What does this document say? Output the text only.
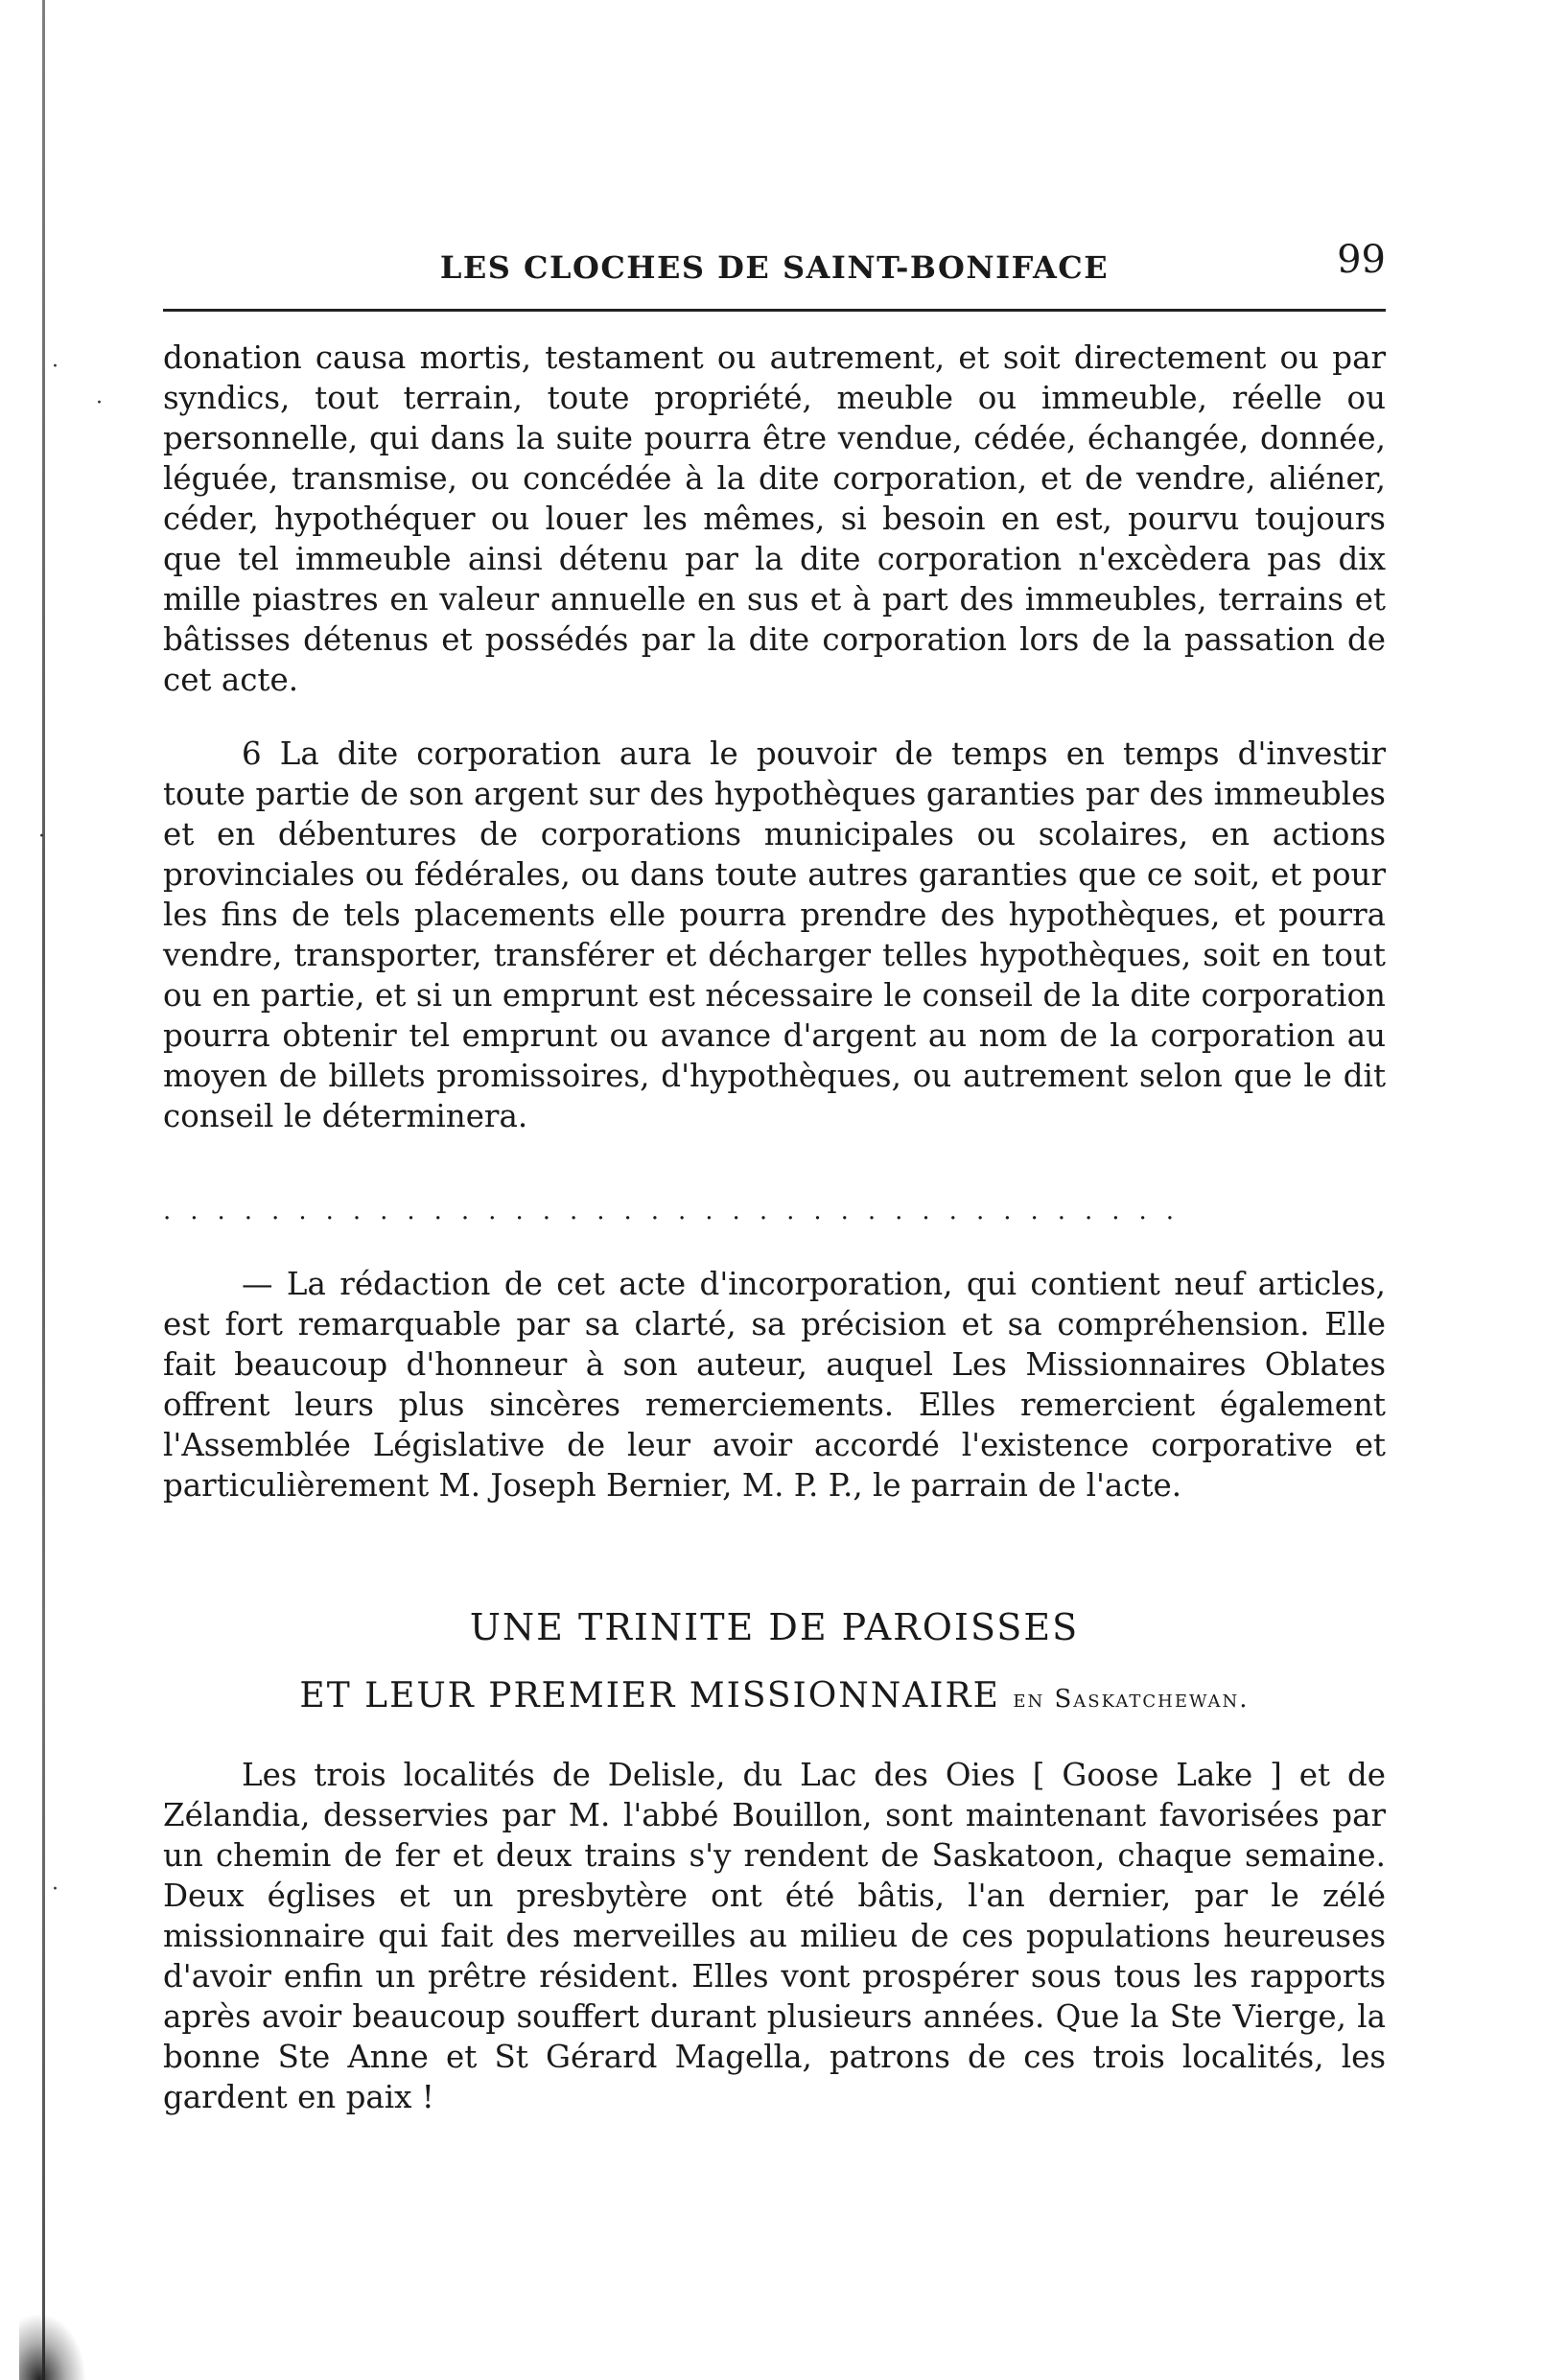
·
·
·
·
LES CLOCHES DE SAINT-BONIFACE	99

donation causa mortis, testament ou autrement, et soit directement ou par syndics, tout terrain, toute propriété, meuble ou immeuble, réelle ou personnelle, qui dans la suite pourra être vendue, cédée, échangée, donnée, léguée, transmise, ou concédée à la dite corporation, et de vendre, aliéner, céder, hypothéquer ou louer les mêmes, si besoin en est, pourvu toujours que tel immeuble ainsi détenu par la dite corporation n'excèdera pas dix mille piastres en valeur annuelle en sus et à part des immeubles, terrains et bâtisses détenus et possédés par la dite corporation lors de la passation de cet acte.

6 La dite corporation aura le pouvoir de temps en temps d'investir toute partie de son argent sur des hypothèques garanties par des immeubles et en débentures de corporations municipales ou scolaires, en actions provinciales ou fédérales, ou dans toute autres garanties que ce soit, et pour les fins de tels placements elle pourra prendre des hypothèques, et pourra vendre, transporter, transférer et décharger telles hypothèques, soit en tout ou en partie, et si un emprunt est nécessaire le conseil de la dite corporation pourra obtenir tel emprunt ou avance d'argent au nom de la corporation au moyen de billets promissoires, d'hypothèques, ou autrement selon que le dit conseil le déterminera.

......................................

— La rédaction de cet acte d'incorporation, qui contient neuf articles, est fort remarquable par sa clarté, sa précision et sa compréhension. Elle fait beaucoup d'honneur à son auteur, auquel Les Missionnaires Oblates offrent leurs plus sincères remerciements. Elles remercient également l'Assemblée Législative de leur avoir accordé l'existence corporative et particulièrement M. Joseph Bernier, M. P. P., le parrain de l'acte.

UNE TRINITE DE PAROISSES
ET LEUR PREMIER MISSIONNAIRE en Saskatchewan.

Les trois localités de Delisle, du Lac des Oies [ Goose Lake ] et de Zélandia, desservies par M. l'abbé Bouillon, sont maintenant favorisées par un chemin de fer et deux trains s'y rendent de Saskatoon, chaque semaine. Deux églises et un presbytère ont été bâtis, l'an dernier, par le zélé missionnaire qui fait des merveilles au milieu de ces populations heureuses d'avoir enfin un prêtre résident. Elles vont prospérer sous tous les rapports après avoir beaucoup souffert durant plusieurs années. Que la Ste Vierge, la bonne Ste Anne et St Gérard Magella, patrons de ces trois localités, les gardent en paix !
